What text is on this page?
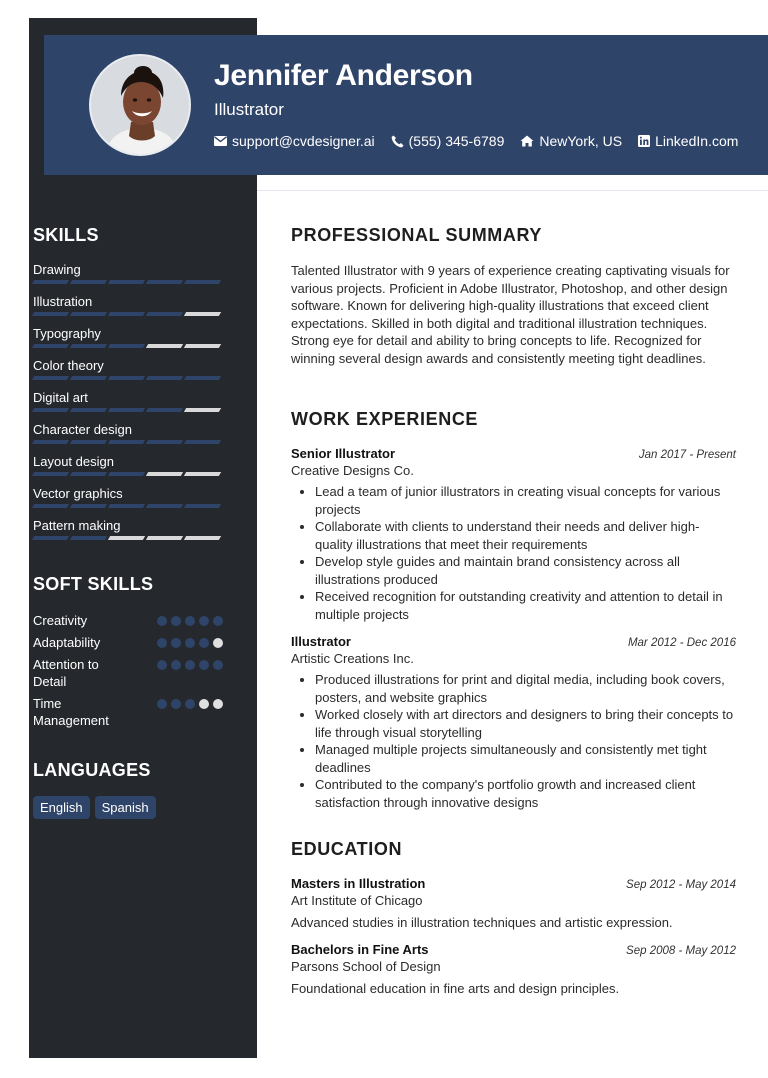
SKILLS
Drawing
Illustration
Typography
Color theory
Digital art
Character design
Layout design
Vector graphics
Pattern making
SOFT SKILLS
Creativity
Adaptability
Attention to Detail
Time Management
LANGUAGES
English	Spanish
Jennifer Anderson
Illustrator
support@cvdesigner.ai (555) 345-6789	NewYork, US LinkedIn.com
PROFESSIONAL SUMMARY
Talented Illustrator with 9 years of experience creating captivating visuals for various projects. Proficient in Adobe Illustrator, Photoshop, and other design software. Known for delivering high-quality illustrations that exceed client expectations. Skilled in both digital and traditional illustration techniques. Strong eye for detail and ability to bring concepts to life. Recognized for winning several design awards and consistently meeting tight deadlines.
WORK EXPERIENCE
Senior Illustrator	Jan 2017 - Present
Creative Designs Co.
• Lead a team of junior illustrators in creating visual concepts for various projects
• Collaborate with clients to understand their needs and deliver high-quality illustrations that meet their requirements
• Develop style guides and maintain brand consistency across all illustrations produced
• Received recognition for outstanding creativity and attention to detail in multiple projects
Illustrator	Mar 2012 - Dec 2016
Artistic Creations Inc.
• Produced illustrations for print and digital media, including book covers, posters, and website graphics
• Worked closely with art directors and designers to bring their concepts to life through visual storytelling
• Managed multiple projects simultaneously and consistently met tight deadlines
• Contributed to the company's portfolio growth and increased client satisfaction through innovative designs
EDUCATION
Masters in Illustration	Sep 2012 - May 2014
Art Institute of Chicago
Advanced studies in illustration techniques and artistic expression.
Bachelors in Fine Arts	Sep 2008 - May 2012
Parsons School of Design
Foundational education in fine arts and design principles.
